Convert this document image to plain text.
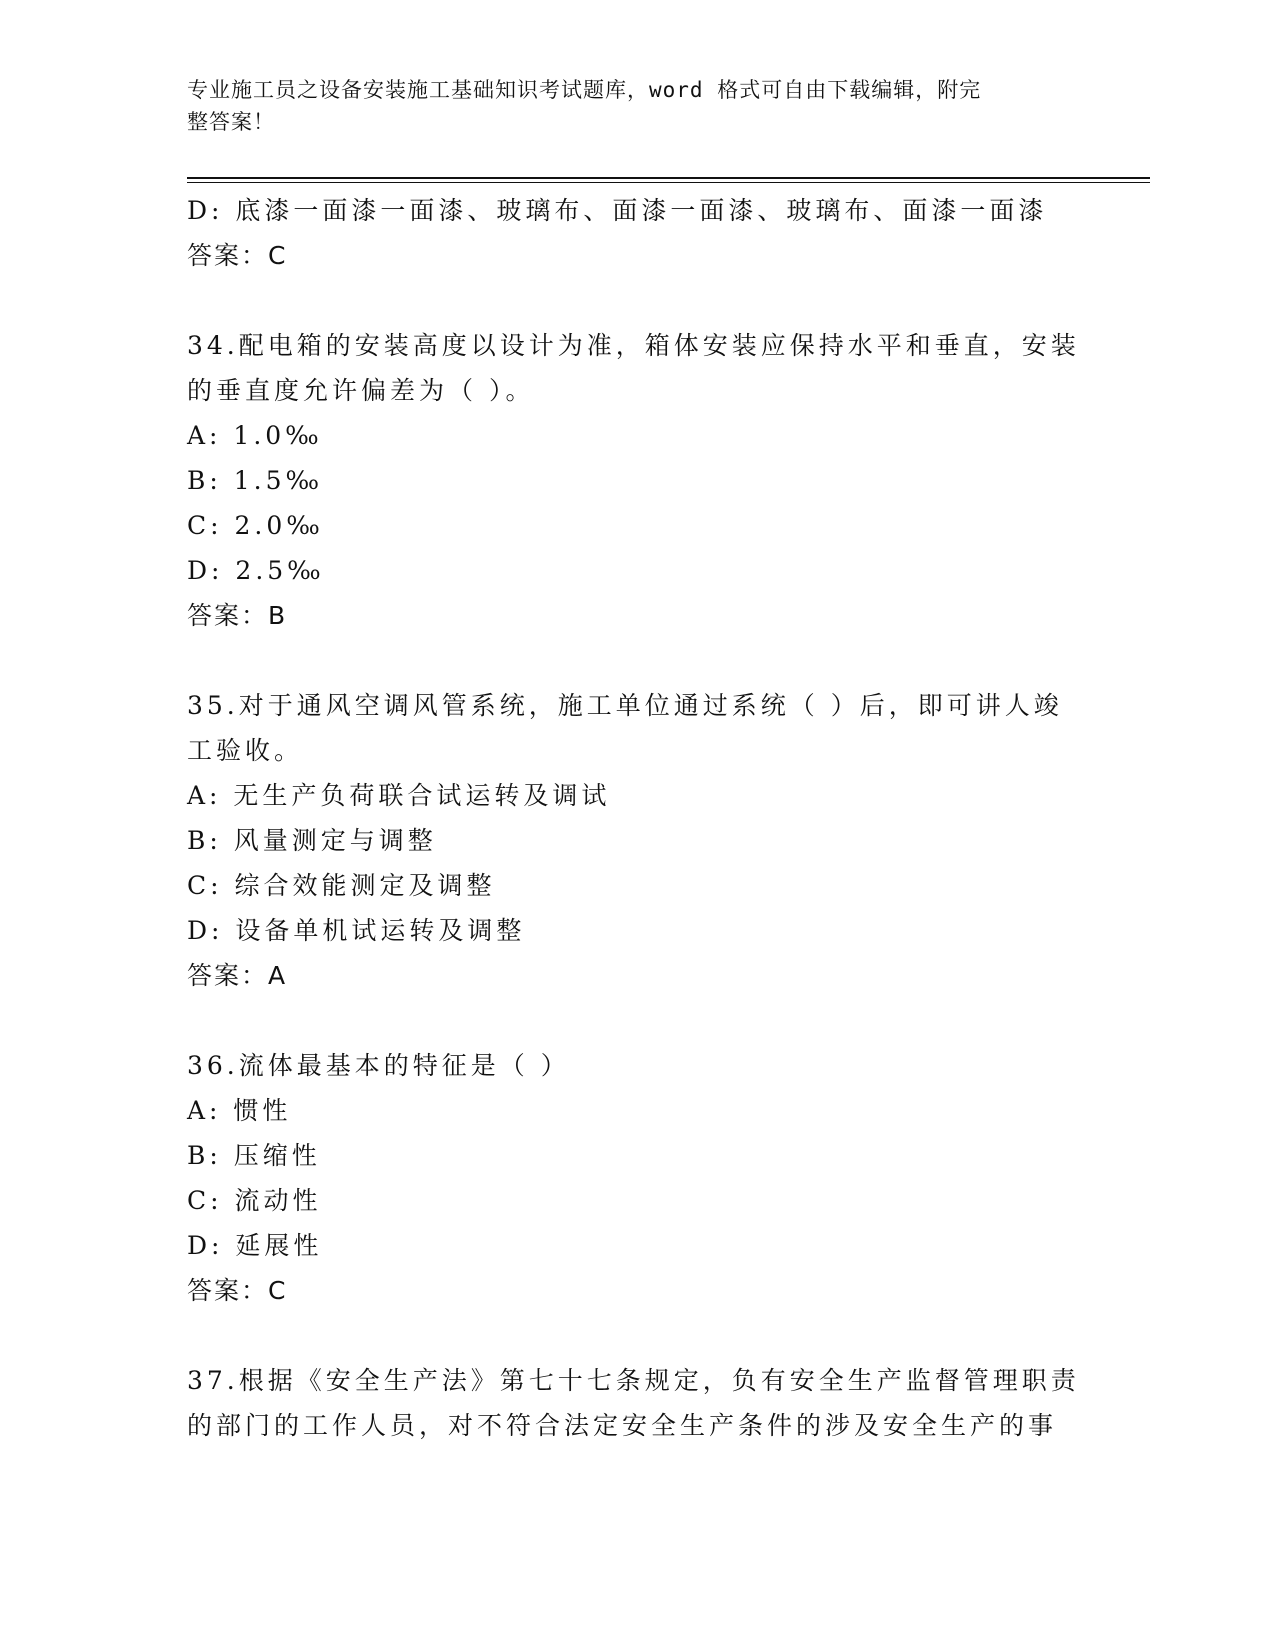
专业施工员之设备安装施工基础知识考试题库，word 格式可自由下载编辑，附完
整答案！
D: 底漆一面漆一面漆、玻璃布、面漆一面漆、玻璃布、面漆一面漆
答案：C
34.配电箱的安装高度以设计为准，箱体安装应保持水平和垂直，安装
的垂直度允许偏差为（ ）。
A: 1.0‰
B: 1.5‰
C: 2.0‰
D: 2.5‰
答案：B
35.对于通风空调风管系统，施工单位通过系统（ ）后，即可讲人竣
工验收。
A: 无生产负荷联合试运转及调试
B: 风量测定与调整
C: 综合效能测定及调整
D: 设备单机试运转及调整
答案：A
36.流体最基本的特征是（ ）
A: 惯性
B: 压缩性
C: 流动性
D: 延展性
答案：C
37.根据《安全生产法》第七十七条规定，负有安全生产监督管理职责
的部门的工作人员，对不符合法定安全生产条件的涉及安全生产的事
